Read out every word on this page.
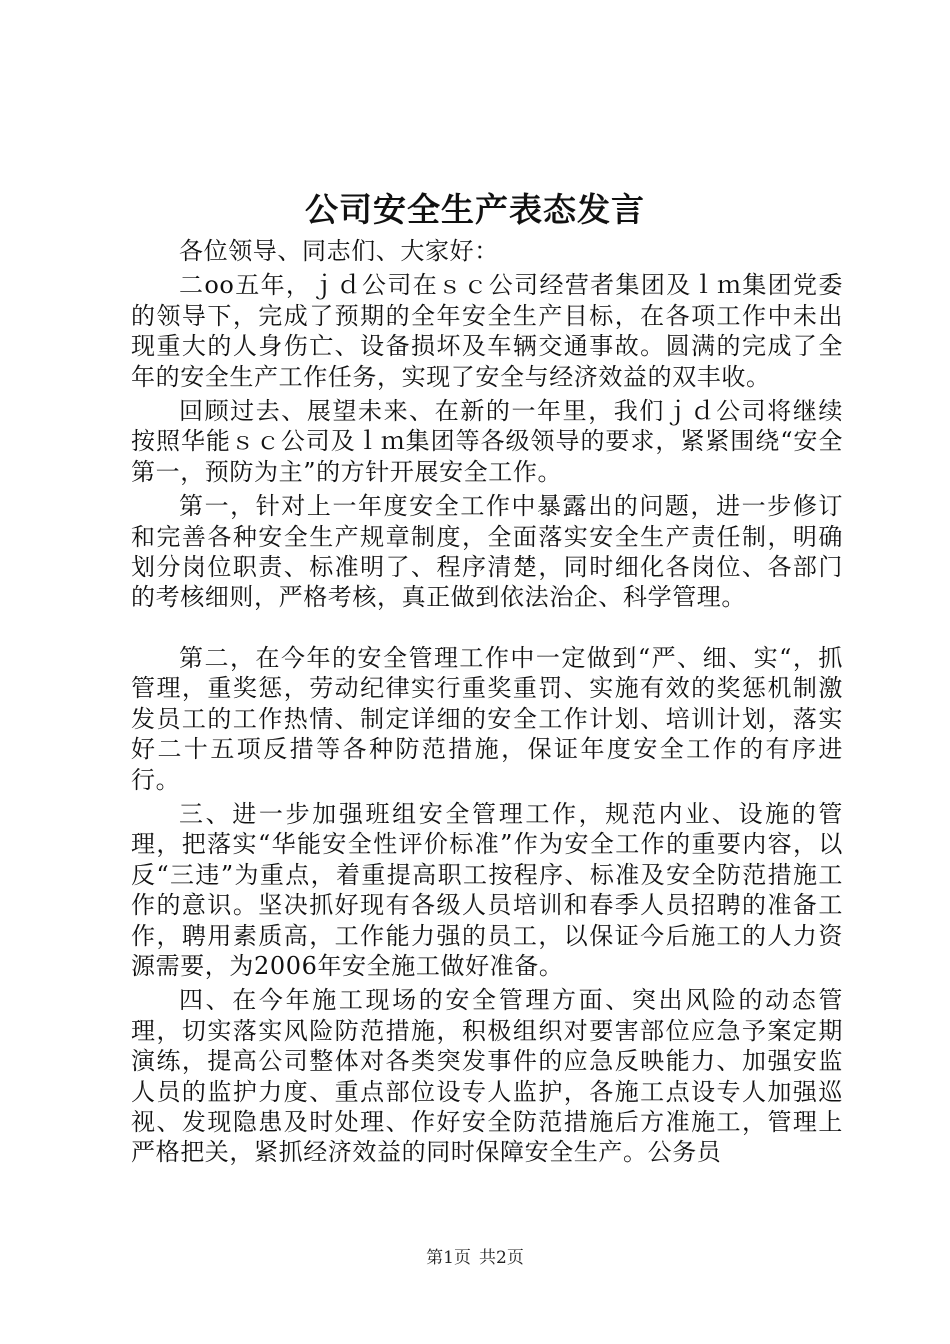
公司安全生产表态发言

各位领导、同志们、大家好：

二oo五年，ｊｄ公司在ｓｃ公司经营者集团及ｌｍ集团党委的领导下，完成了预期的全年安全生产目标，在各项工作中未出现重大的人身伤亡、设备损坏及车辆交通事故。圆满的完成了全年的安全生产工作任务，实现了安全与经济效益的双丰收。

回顾过去、展望未来、在新的一年里，我们ｊｄ公司将继续按照华能ｓｃ公司及ｌｍ集团等各级领导的要求，紧紧围绕“安全第一，预防为主”的方针开展安全工作。

第一，针对上一年度安全工作中暴露出的问题，进一步修订和完善各种安全生产规章制度，全面落实安全生产责任制，明确划分岗位职责、标准明了、程序清楚，同时细化各岗位、各部门的考核细则，严格考核，真正做到依法治企、科学管理。

第二，在今年的安全管理工作中一定做到“严、细、实“，抓管理，重奖惩，劳动纪律实行重奖重罚、实施有效的奖惩机制激发员工的工作热情、制定详细的安全工作计划、培训计划，落实好二十五项反措等各种防范措施，保证年度安全工作的有序进行。

三、进一步加强班组安全管理工作，规范内业、设施的管理，把落实“华能安全性评价标准”作为安全工作的重要内容，以反“三违”为重点，着重提高职工按程序、标准及安全防范措施工作的意识。坚决抓好现有各级人员培训和春季人员招聘的准备工作，聘用素质高，工作能力强的员工，以保证今后施工的人力资源需要，为2006年安全施工做好准备。

四、在今年施工现场的安全管理方面、突出风险的动态管理，切实落实风险防范措施，积极组织对要害部位应急予案定期演练，提高公司整体对各类突发事件的应急反映能力、加强安监人员的监护力度、重点部位设专人监护，各施工点设专人加强巡视、发现隐患及时处理、作好安全防范措施后方准施工，管理上严格把关，紧抓经济效益的同时保障安全生产。公务员

第1页 共2页
